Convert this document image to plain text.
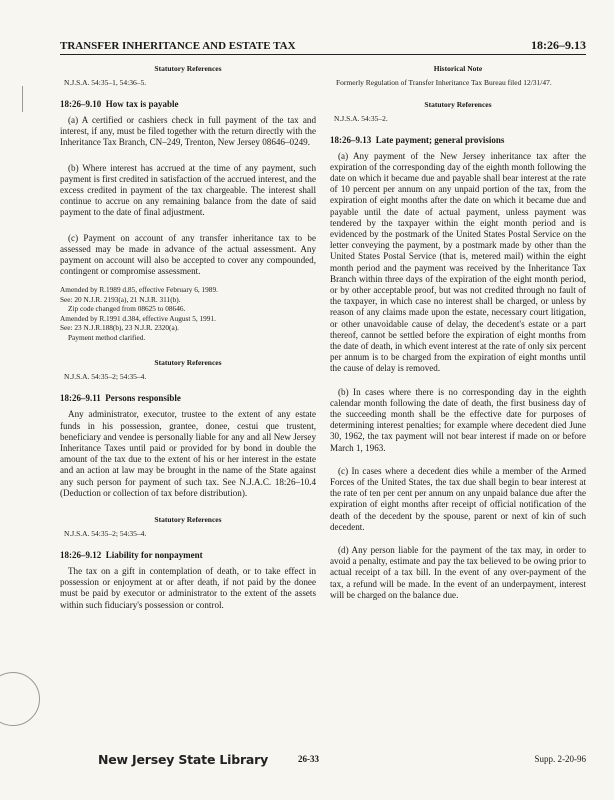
TRANSFER INHERITANCE AND ESTATE TAX	18:26–9.13
Statutory References
N.J.S.A. 54:35–1, 54:36–5.
18:26–9.10 How tax is payable

(a) A certified or cashiers check in full payment of the tax and interest, if any, must be filed together with the return directly with the Inheritance Tax Branch, CN–249, Trenton, New Jersey 08646–0249.

(b) Where interest has accrued at the time of any payment, such payment is first credited in satisfaction of the accrued interest, and the excess credited in payment of the tax chargeable. The interest shall continue to accrue on any remaining balance from the date of said payment to the date of final adjustment.

(c) Payment on account of any transfer inheritance tax to be assessed may be made in advance of the actual assessment. Any payment on account will also be accepted to cover any compounded, contingent or compromise assessment.

Amended by R.1989 d.85, effective February 6, 1989.

See: 20 N.J.R. 2193(a), 21 N.J.R. 311(b).

Zip code changed from 08625 to 08646.

Amended by R.1991 d.384, effective August 5, 1991.

See: 23 N.J.R.188(b), 23 N.J.R. 2320(a).

Payment method clarified.

Statutory References
N.J.S.A. 54:35–2; 54:35–4.
18:26–9.11 Persons responsible

Any administrator, executor, trustee to the extent of any estate funds in his possession, grantee, donee, cestui que trustent, beneficiary and vendee is personally liable for any and all New Jersey Inheritance Taxes until paid or provided for by bond in double the amount of the tax due to the extent of his or her interest in the estate and an action at law may be brought in the name of the State against any such person for payment of such tax. See N.J.A.C. 18:26–10.4 (Deduction or collection of tax before distribution).

Statutory References
N.J.S.A. 54:35–2; 54:35–4.
18:26–9.12 Liability for nonpayment

The tax on a gift in contemplation of death, or to take effect in possession or enjoyment at or after death, if not paid by the donee must be paid by executor or administrator to the extent of the assets within such fiduciary's possession or control.

Historical Note
Formerly Regulation of Transfer Inheritance Tax Bureau filed 12/31/47.
Statutory References
N.J.S.A. 54:35–2.
18:26–9.13 Late payment; general provisions

(a) Any payment of the New Jersey inheritance tax after the expiration of the corresponding day of the eighth month following the date on which it became due and payable shall bear interest at the rate of 10 percent per annum on any unpaid portion of the tax, from the expiration of eight months after the date on which it became due and payable until the date of actual payment, unless payment was tendered by the taxpayer within the eight month period and is evidenced by the postmark of the United States Postal Service on the letter conveying the payment, by a postmark made by other than the United States Postal Service (that is, metered mail) within the eight month period and the payment was received by the Inheritance Tax Branch within three days of the expiration of the eight month period, or by other acceptable proof, but was not credited through no fault of the taxpayer, in which case no interest shall be charged, or unless by reason of any claims made upon the estate, necessary court litigation, or other unavoidable cause of delay, the decedent's estate or a part thereof, cannot be settled before the expiration of eight months from the date of death, in which event interest at the rate of only six percent per annum is to be charged from the expiration of eight months until the cause of delay is removed.

(b) In cases where there is no corresponding day in the eighth calendar month following the date of death, the first business day of the succeeding month shall be the effective date for purposes of determining interest penalties; for example where decedent died June 30, 1962, the tax payment will not bear interest if made on or before March 1, 1963.

(c) In cases where a decedent dies while a member of the Armed Forces of the United States, the tax due shall begin to bear interest at the rate of ten per cent per annum on any unpaid balance due after the expiration of eight months after receipt of official notification of the death of the decedent by the spouse, parent or next of kin of such decedent.

(d) Any person liable for the payment of the tax may, in order to avoid a penalty, estimate and pay the tax believed to be owing prior to actual receipt of a tax bill. In the event of any over-payment of the tax, a refund will be made. In the event of an underpayment, interest will be charged on the balance due.

New Jersey State Library	26-33	Supp. 2-20-96
